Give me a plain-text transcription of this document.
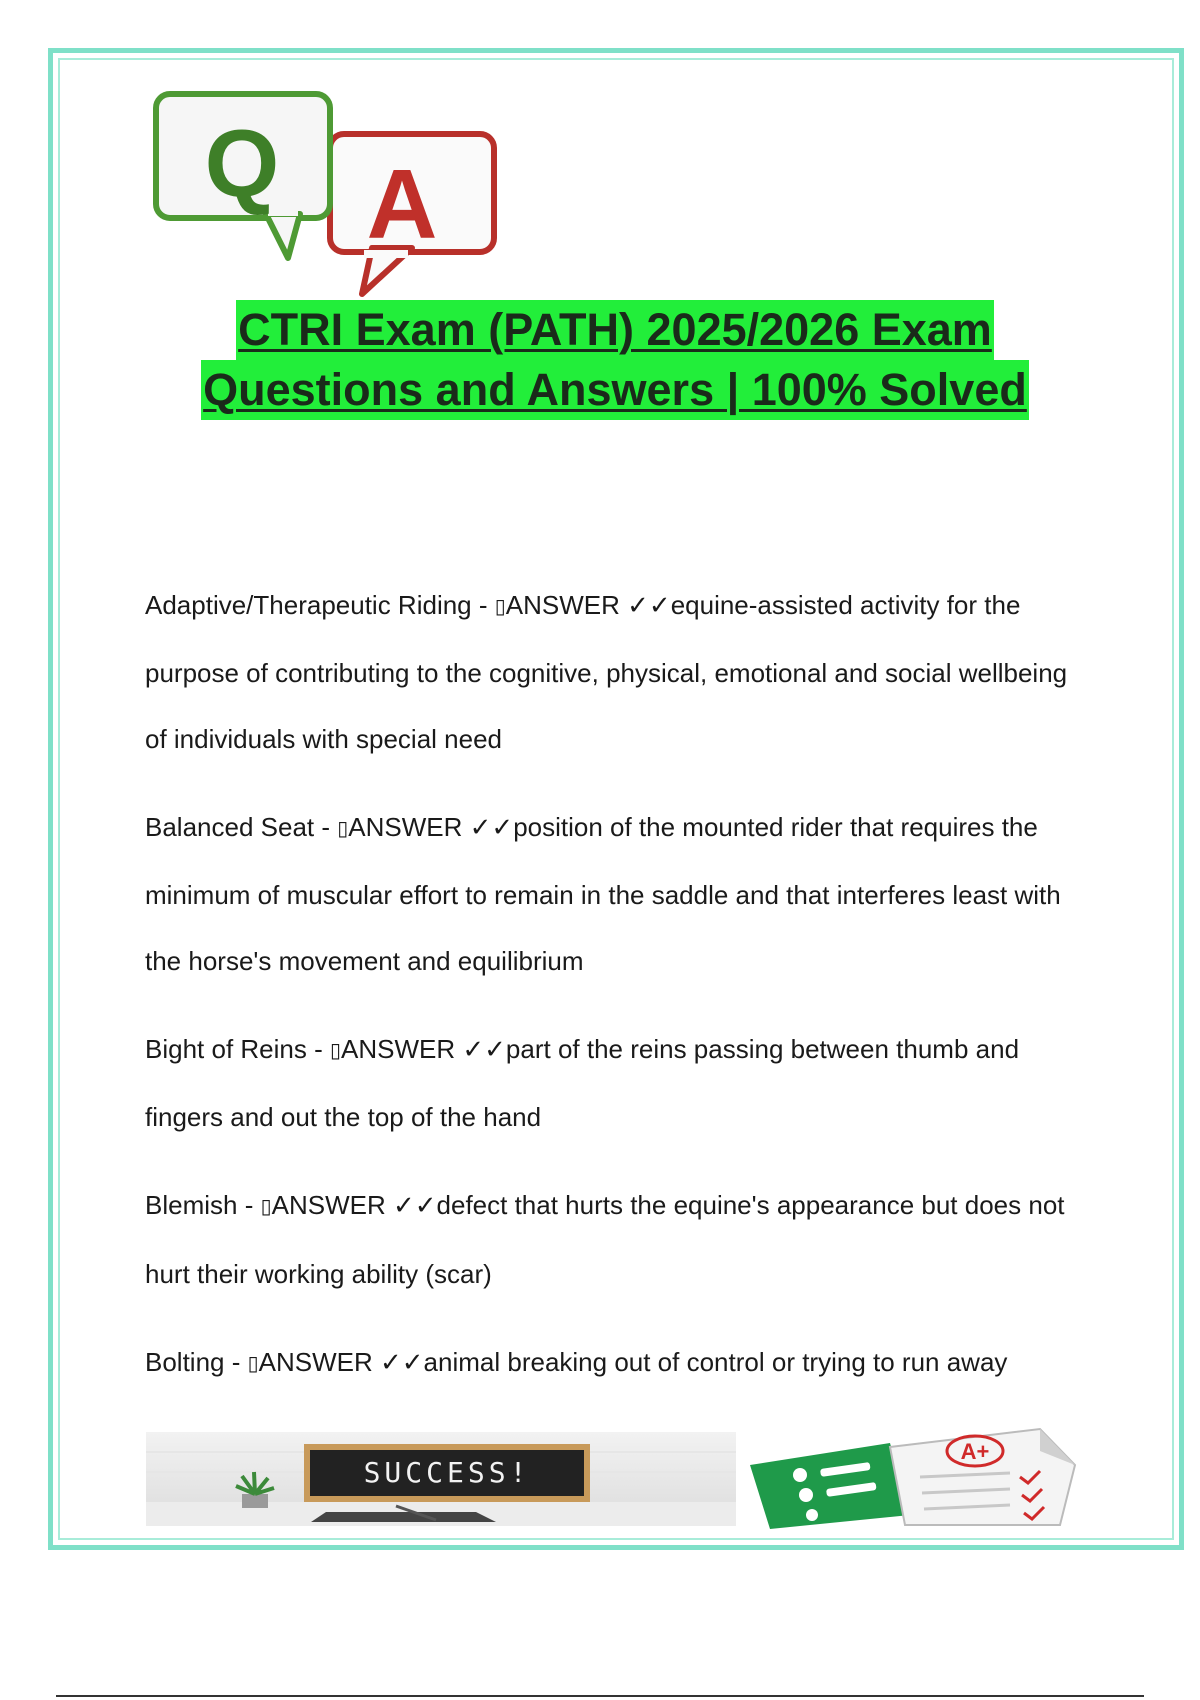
A
Q
CTRI Exam (PATH) 2025/2026 Exam
Questions and Answers | 100% Solved
Adaptive/Therapeutic Riding - ▯ANSWER ✓✓equine-assisted activity for the purpose of contributing to the cognitive, physical, emotional and social wellbeing of individuals with special need
Balanced Seat - ▯ANSWER ✓✓position of the mounted rider that requires the minimum of muscular effort to remain in the saddle and that interferes least with the horse's movement and equilibrium
Bight of Reins - ▯ANSWER ✓✓part of the reins passing between thumb and fingers and out the top of the hand
Blemish - ▯ANSWER ✓✓defect that hurts the equine's appearance but does not hurt their working ability (scar)
Bolting - ▯ANSWER ✓✓animal breaking out of control or trying to run away
SUCCESS!
A+
